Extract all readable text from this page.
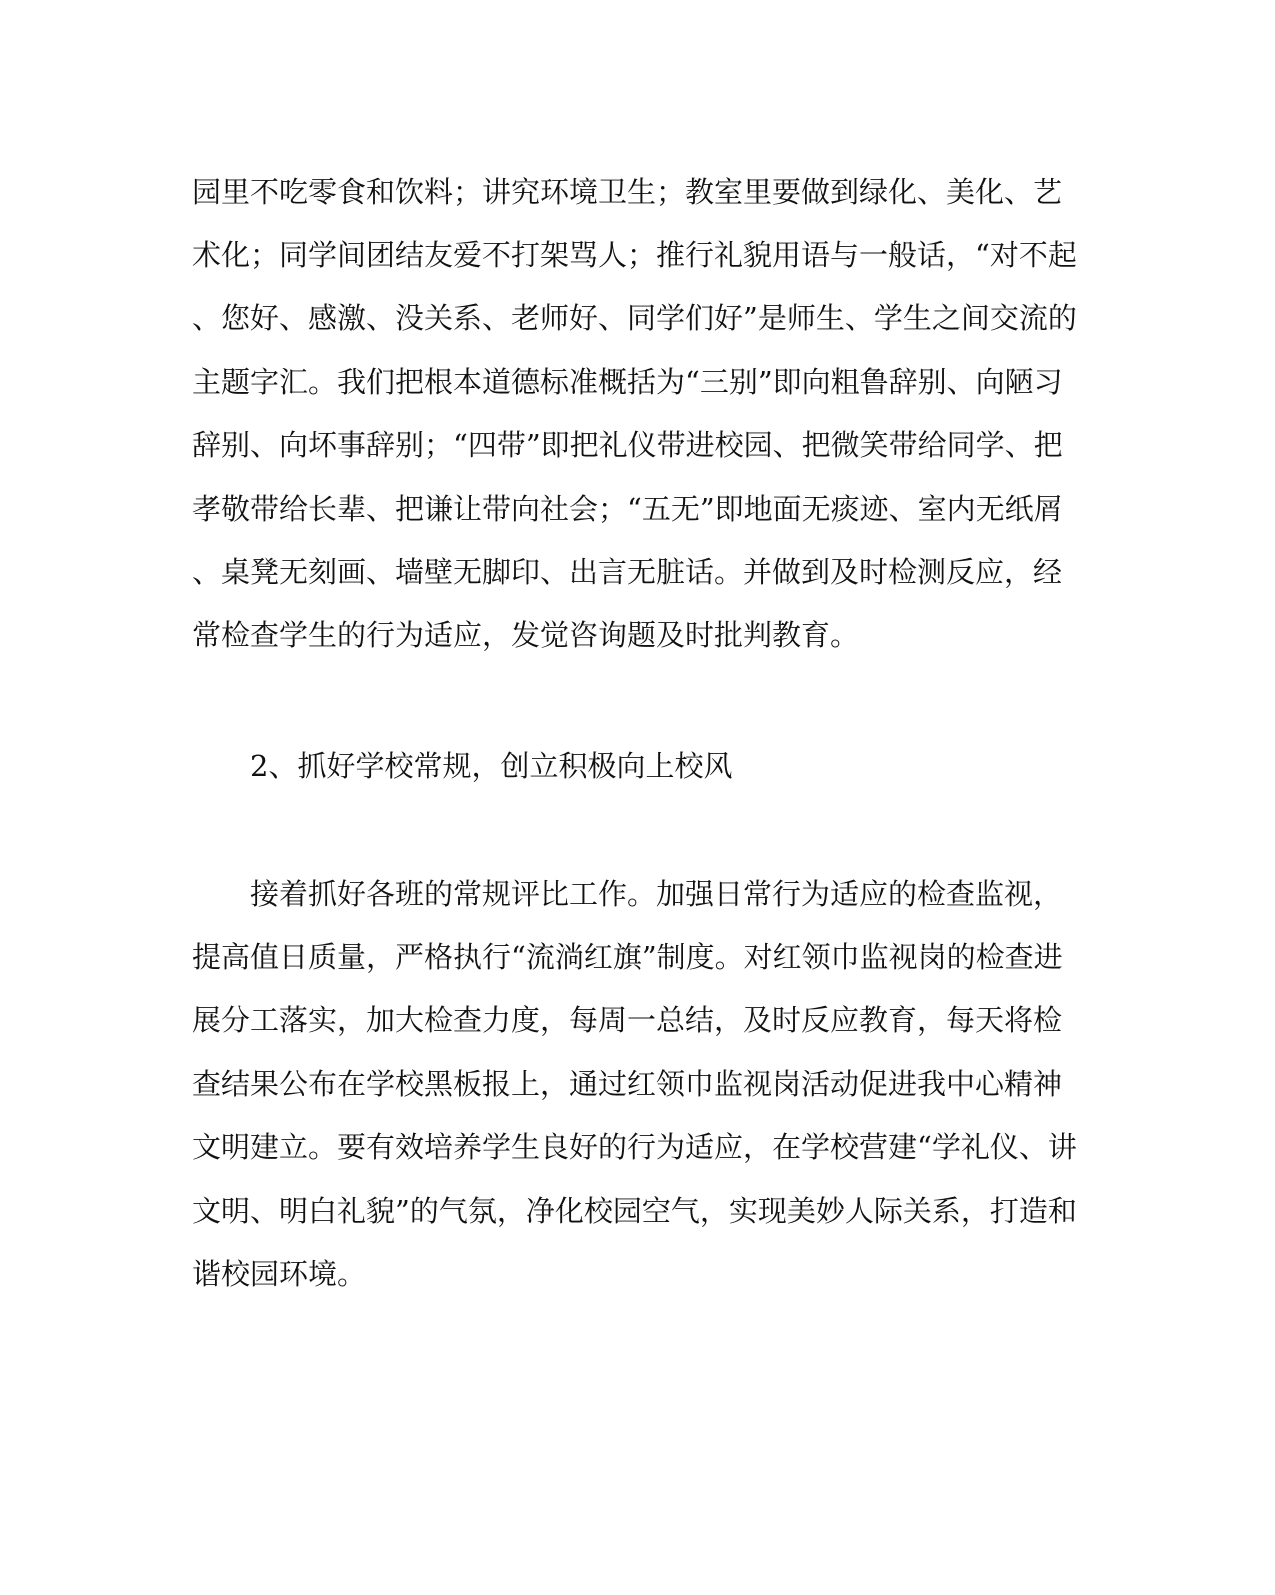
园里不吃零食和饮料；讲究环境卫生；教室里要做到绿化、美化、艺
术化；同学间团结友爱不打架骂人；推行礼貌用语与一般话，“对不起
、您好、感激、没关系、老师好、同学们好”是师生、学生之间交流的
主题字汇。我们把根本道德标准概括为“三别”即向粗鲁辞别、向陋习
辞别、向坏事辞别；“四带”即把礼仪带进校园、把微笑带给同学、把
孝敬带给长辈、把谦让带向社会；“五无”即地面无痰迹、室内无纸屑
、桌凳无刻画、墙壁无脚印、出言无脏话。并做到及时检测反应，经
常检查学生的行为适应，发觉咨询题及时批判教育。
2、抓好学校常规，创立积极向上校风
接着抓好各班的常规评比工作。加强日常行为适应的检查监视，
提高值日质量，严格执行“流淌红旗”制度。对红领巾监视岗的检查进
展分工落实，加大检查力度，每周一总结，及时反应教育，每天将检
查结果公布在学校黑板报上，通过红领巾监视岗活动促进我中心精神
文明建立。要有效培养学生良好的行为适应，在学校营建“学礼仪、讲
文明、明白礼貌”的气氛，净化校园空气，实现美妙人际关系，打造和
谐校园环境。
